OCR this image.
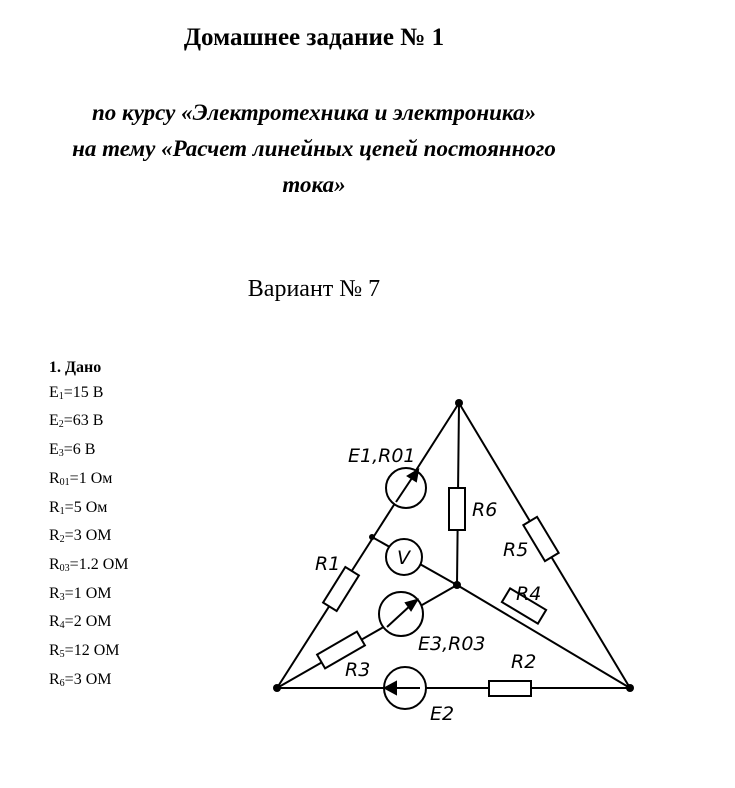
Домашнее задание № 1
по курсу «Электротехника и электроника»
на тему «Расчет линейных цепей постоянного
тока»
Вариант № 7
1. Дано
$E_1=15$ В
$E_2=63$ В
$E_3=6$ В
$R_{01}=1$ Ом
$R_1=5$ Ом
$R_2=3$ ОМ
$R_{03}=1.2$ ОМ
$R_3=1$ ОМ
$R_4=2$ ОМ
$R_5=12$ ОМ
$R_6=3$ ОМ
E1,R01
R6
R5
R1	V
R4
E3,R03
R3	R2
E2
